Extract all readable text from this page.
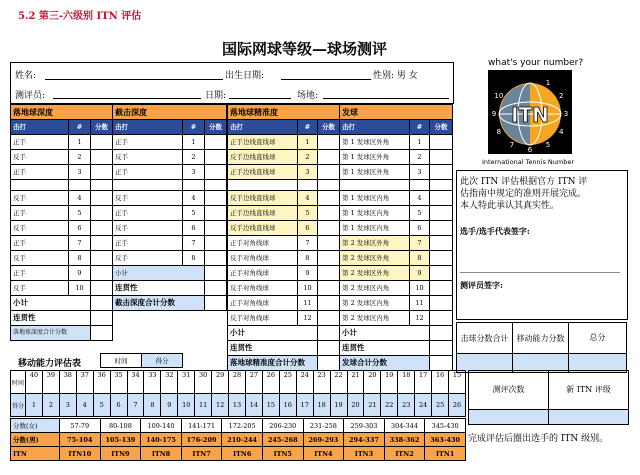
5.2 第三-六级别 ITN 评估
国际网球等级—球场测评
姓名:	出生日期:	性别: 男 女
测评员:	日期:	场地:
what's your number?
1
2
3
4
5
6
7
8
9
10
ITN
International Tennis Number
此次 ITN 评估根据官方 ITN 评估指南中规定的准则开展完成。本人特此承认其真实性。
选手/选手代表签字:
测评员签字:
落地球深度		
击打	#	分数
正手	1	
反手	2	
正手	3	

反手	4	
正手	5	
反手	6	
正手	7	
反手	8	
正手	9	
反手	10	
小计		
连贯性		
落地球深度合计分数		
截击深度		
击打	#	分数
正手	1	
反手	2	
正手	3	

反手	4	
正手	5	
反手	6	
正手	7	
反手	8	
小计		
连贯性		
截击深度合计分数		
落地球精准度		
击打	#	分数
正手边线直线球	1	
反手边线直线球	2	
正手边线直线球	3	

反手边线直线球	4	
正手边线直线球	5	
反手边线直线球	6	
正手对角线球	7	
反手对角线球	8	
正手对角线球	9	
反手对角线球	10	
正手对角线球	11	
反手对角线球	12	
小计		
连贯性		
落地球精准度合计分数		
发球		
击打	#	分数
第 1 发球区外角	1	
第 1 发球区外角	2	
第 1 发球区外角	3	

第 1 发球区内角	4	
第 1 发球区内角	5	
第 1 发球区内角	6	
第 2 发球区外角	7	
第 2 发球区外角	8	
第 2 发球区外角	9	
第 2 发球区内角	10	
第 2 发球区内角	11	
第 2 发球区内角	12	
小计		
连贯性		
发球合计分数		
击球分数合计	移动能力分数	总分

移动能力评估表	时间	得分
时间	40	39	38	37	36	35	34	33	32	31	30	29	28	27	26	25	24	23	22	21	20	19	18	17	16	15
得分	1	2	3	4	5	6	7	8	9	10	11	12	13	14	15	16	17	18	19	20	21	22	23	24	25	26
测评次数	新 ITN 评级

分数(女)	57-79	80-108	109-140	141-171	172-205	206-230	231-258	259-303	304-344	345-430
分数(男)	75-104	105-139	140-175	176-209	210-244	245-268	269-293	294-337	338-362	363-430
ITN	ITN10	ITN9	ITN8	ITN7	ITN6	ITN5	ITN4	ITN3	ITN2	ITN1
完成评估后圈出选手的 ITN 级别。
